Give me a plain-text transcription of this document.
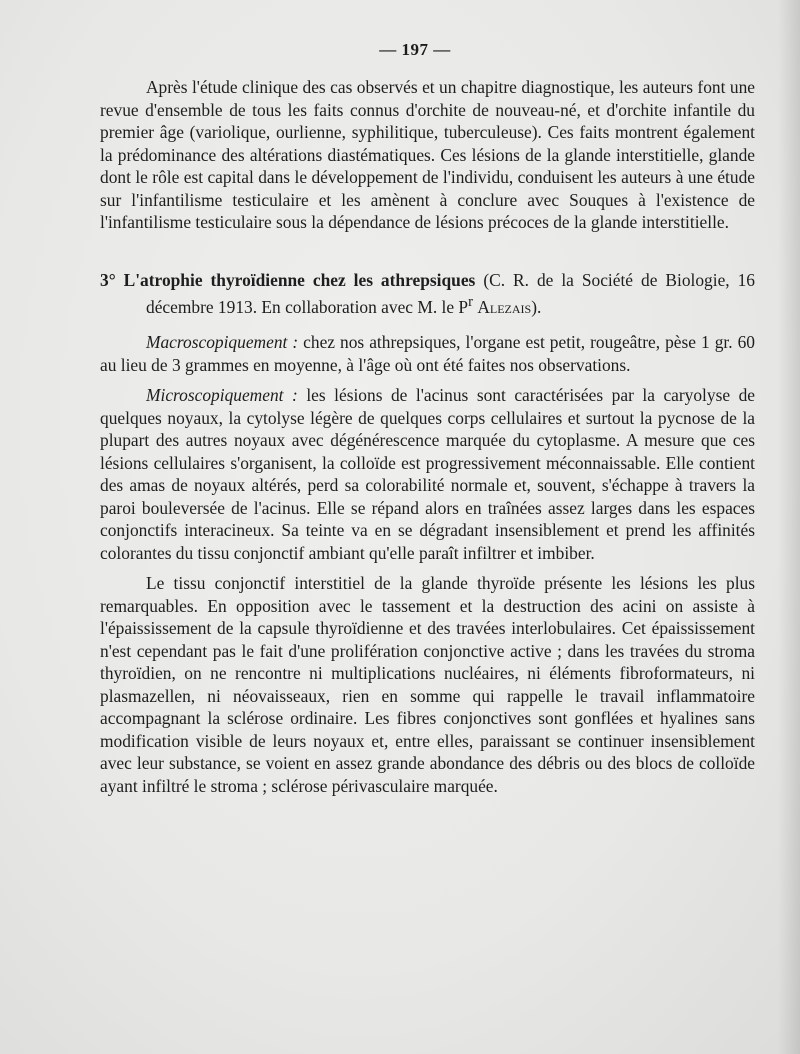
— 197 —

Après l'étude clinique des cas observés et un chapitre diagnostique, les auteurs font une revue d'ensemble de tous les faits connus d'orchite de nouveau-né, et d'orchite infantile du premier âge (variolique, ourlienne, syphilitique, tuberculeuse). Ces faits montrent également la prédominance des altérations diastématiques. Ces lésions de la glande interstitielle, glande dont le rôle est capital dans le développement de l'individu, conduisent les auteurs à une étude sur l'infantilisme testiculaire et les amènent à conclure avec Souques à l'existence de l'infantilisme testiculaire sous la dépendance de lésions précoces de la glande interstitielle.

3° L'atrophie thyroïdienne chez les athrepsiques (C. R. de la Société de Biologie, 16 décembre 1913. En collaboration avec M. le $P^r$ Alezais).

Macroscopiquement : chez nos athrepsiques, l'organe est petit, rougeâtre, pèse 1 gr. 60 au lieu de 3 grammes en moyenne, à l'âge où ont été faites nos observations.

Microscopiquement : les lésions de l'acinus sont caractérisées par la caryolyse de quelques noyaux, la cytolyse légère de quelques corps cellulaires et surtout la pycnose de la plupart des autres noyaux avec dégénérescence marquée du cytoplasme. A mesure que ces lésions cellulaires s'organisent, la colloïde est progressivement méconnaissable. Elle contient des amas de noyaux altérés, perd sa colorabilité normale et, souvent, s'échappe à travers la paroi bouleversée de l'acinus. Elle se répand alors en traînées assez larges dans les espaces conjonctifs interacineux. Sa teinte va en se dégradant insensiblement et prend les affinités colorantes du tissu conjonctif ambiant qu'elle paraît infiltrer et imbiber.

Le tissu conjonctif interstitiel de la glande thyroïde présente les lésions les plus remarquables. En opposition avec le tassement et la destruction des acini on assiste à l'épaississement de la capsule thyroïdienne et des travées interlobulaires. Cet épaississement n'est cependant pas le fait d'une prolifération conjonctive active ; dans les travées du stroma thyroïdien, on ne rencontre ni multiplications nucléaires, ni éléments fibroformateurs, ni plasmazellen, ni néovaisseaux, rien en somme qui rappelle le travail inflammatoire accompagnant la sclérose ordinaire. Les fibres conjonctives sont gonflées et hyalines sans modification visible de leurs noyaux et, entre elles, paraissant se continuer insensiblement avec leur substance, se voient en assez grande abondance des débris ou des blocs de colloïde ayant infiltré le stroma ; sclérose périvasculaire marquée.
